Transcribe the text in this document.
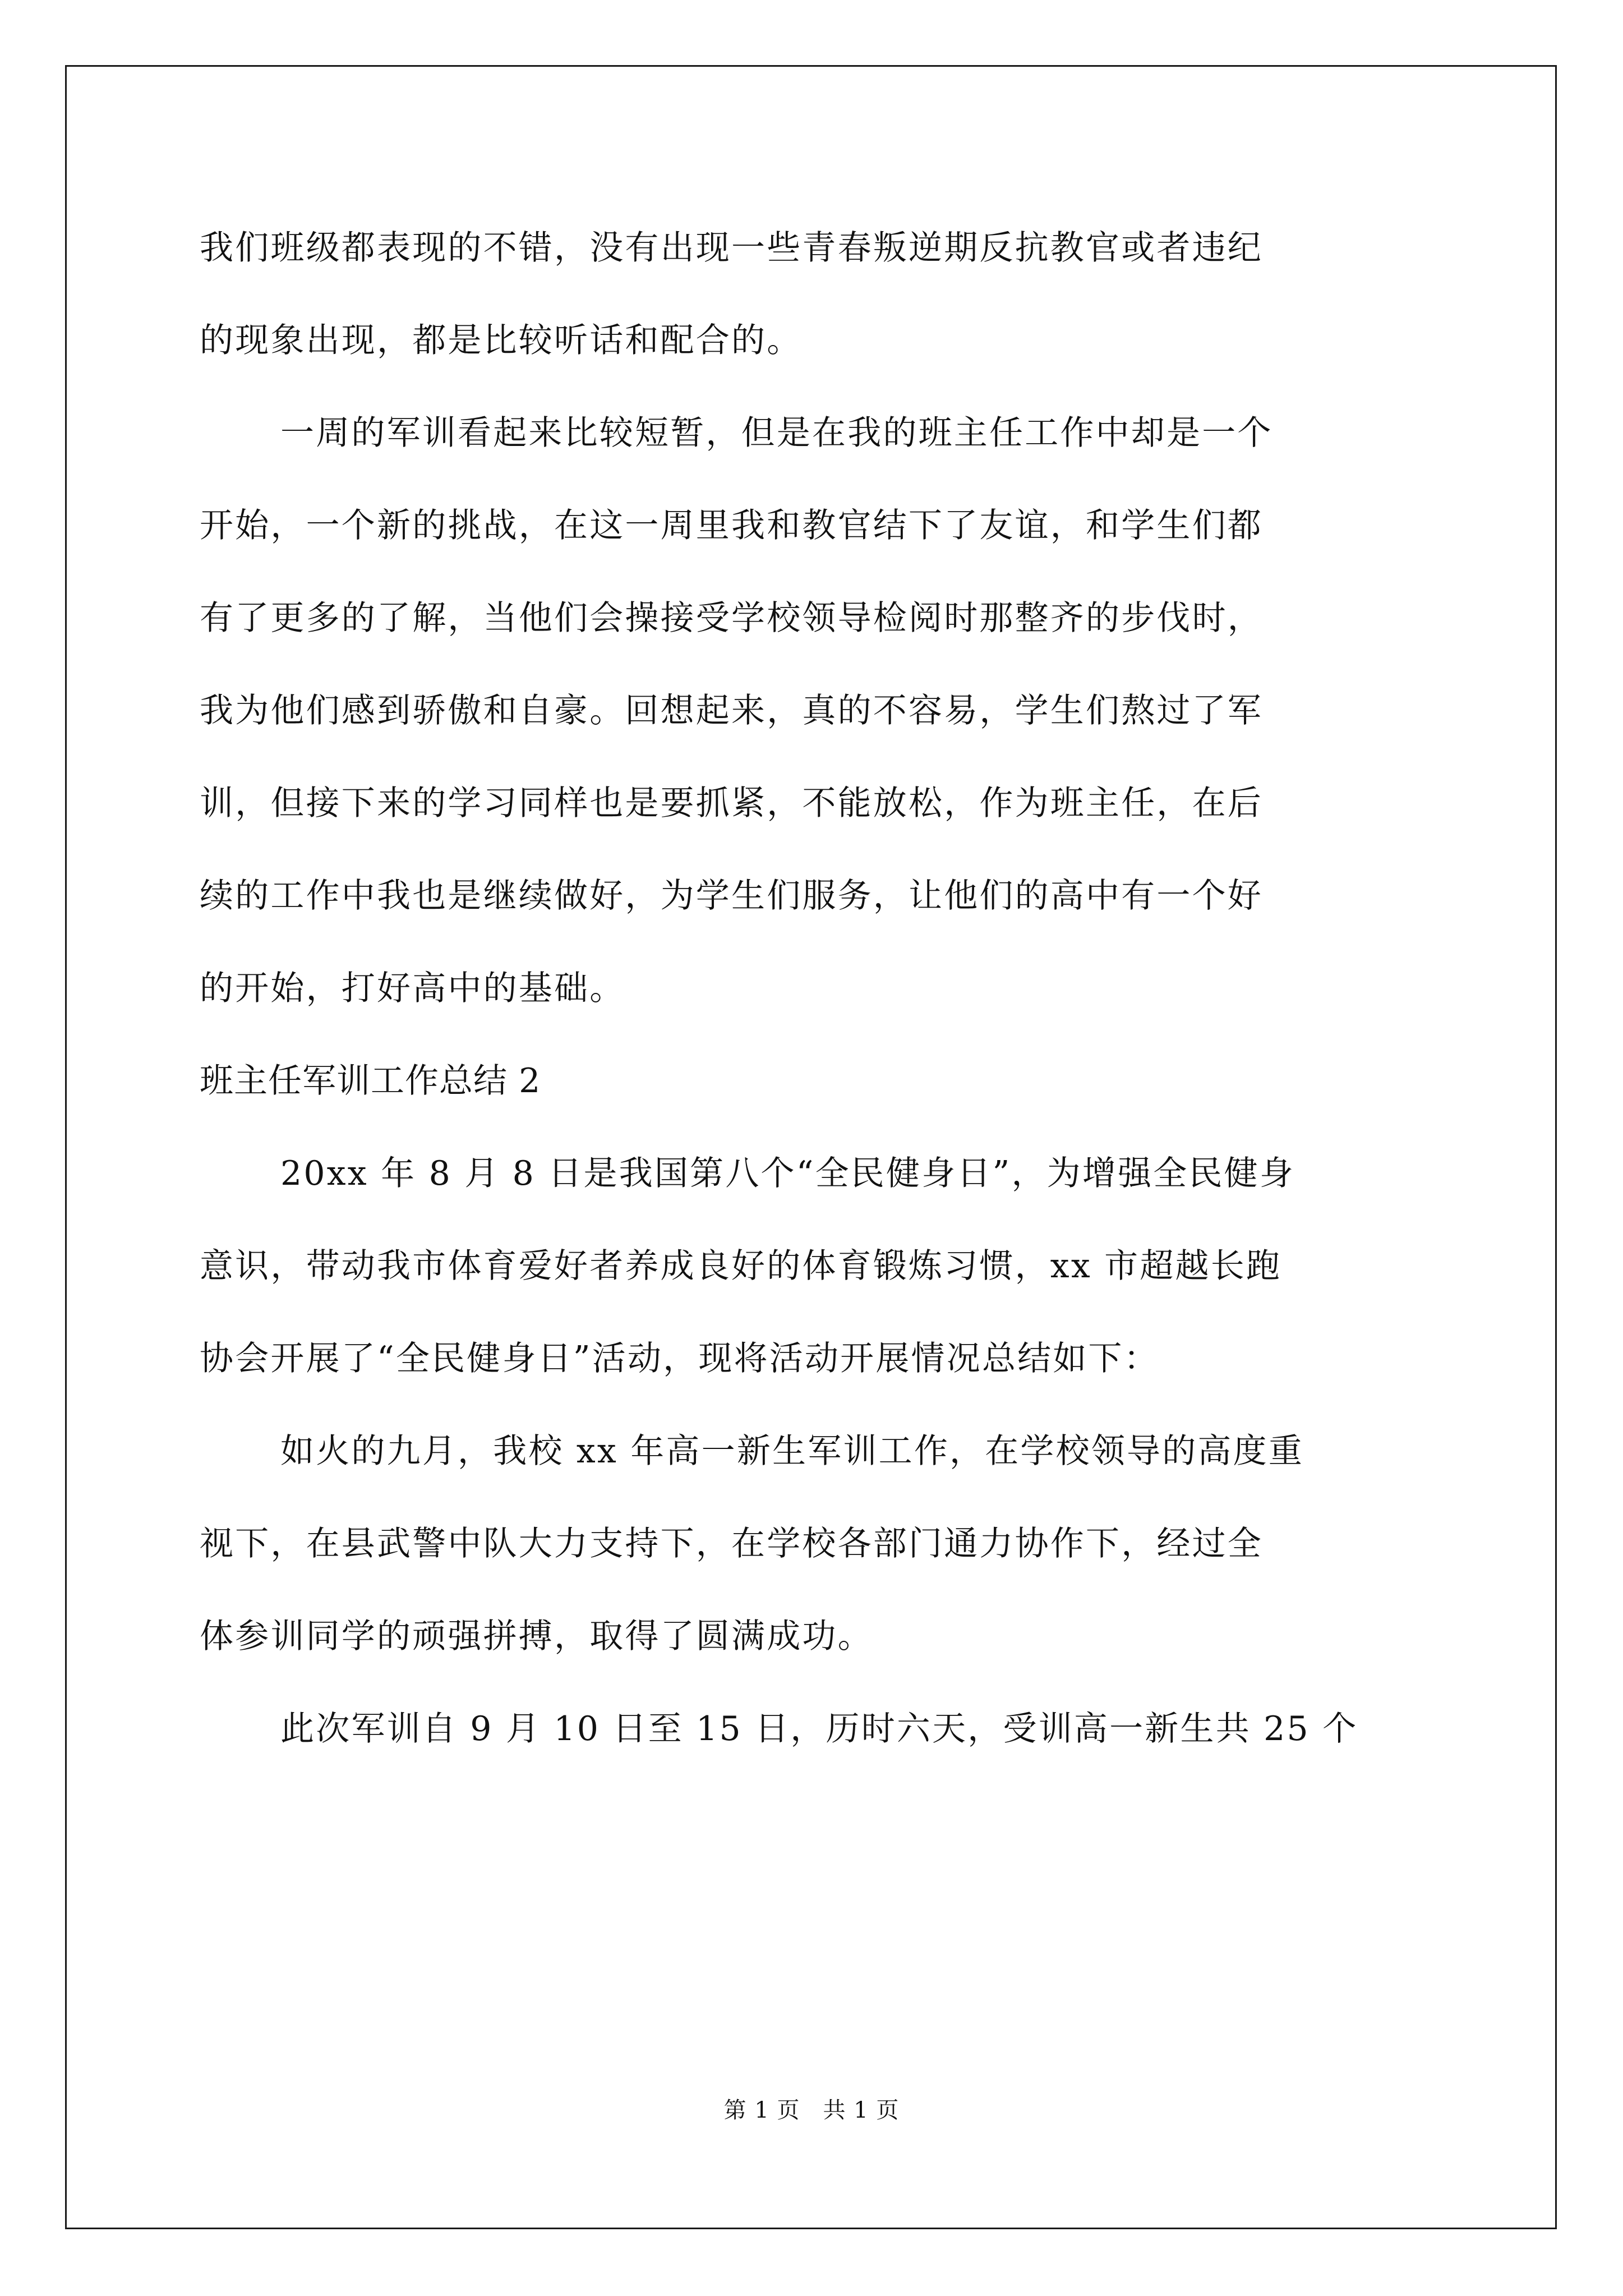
我们班级都表现的不错，没有出现一些青春叛逆期反抗教官或者违纪
的现象出现，都是比较听话和配合的。
一周的军训看起来比较短暂，但是在我的班主任工作中却是一个
开始，一个新的挑战，在这一周里我和教官结下了友谊，和学生们都
有了更多的了解，当他们会操接受学校领导检阅时那整齐的步伐时，
我为他们感到骄傲和自豪。回想起来，真的不容易，学生们熬过了军
训，但接下来的学习同样也是要抓紧，不能放松，作为班主任，在后
续的工作中我也是继续做好，为学生们服务，让他们的高中有一个好
的开始，打好高中的基础。
班主任军训工作总结 2
20xx 年 8 月 8 日是我国第八个“全民健身日”，为增强全民健身
意识，带动我市体育爱好者养成良好的体育锻炼习惯，xx 市超越长跑
协会开展了“全民健身日”活动，现将活动开展情况总结如下：
如火的九月，我校 xx 年高一新生军训工作，在学校领导的高度重
视下，在县武警中队大力支持下，在学校各部门通力协作下，经过全
体参训同学的顽强拼搏，取得了圆满成功。
此次军训自 9 月 10 日至 15 日，历时六天，受训高一新生共 25 个
第 1 页　共 1 页
